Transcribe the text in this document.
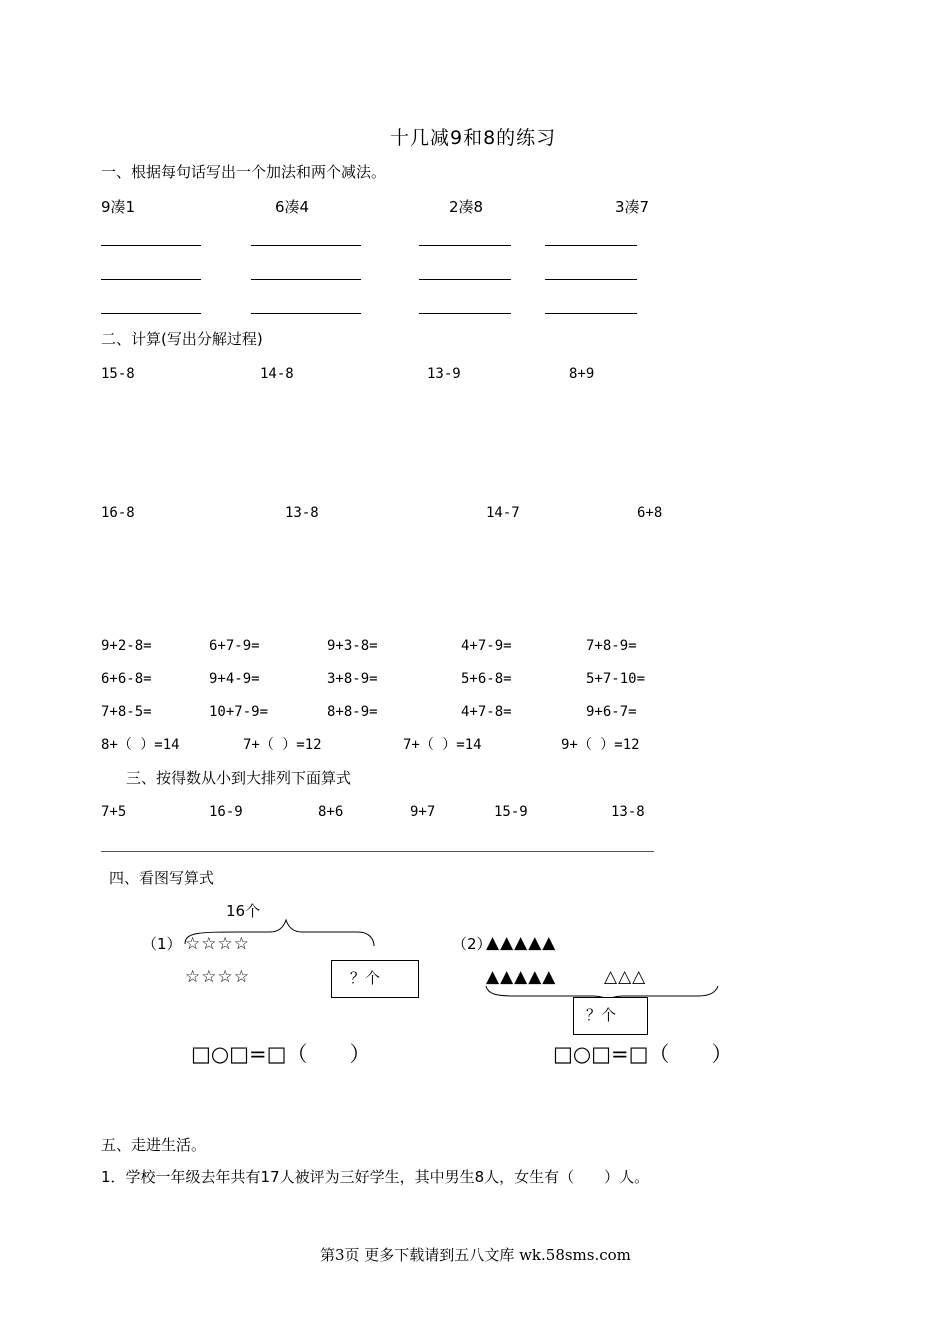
十几减9和8的练习
一、根据每句话写出一个加法和两个减法。
9凑1	6凑4	2凑8	3凑7
二、计算(写出分解过程)
15-8	14-8	13-9	8+9
16-8	13-8	14-7	6+8
9+2-8=	6+7-9=	9+3-8=	4+7-9=	7+8-9=
6+6-8=	9+4-9=	3+8-9=	5+6-8=	5+7-10=
7+8-5=	10+7-9=	8+8-9=	4+7-8=	9+6-7=
8+（ ）=14	7+（ ）=12	7+（ ）=14	9+（ ）=12
三、按得数从小到大排列下面算式
7+5	16-9	8+6	9+7	15-9	13-8
四、看图写算式
16个
（1） ☆☆☆☆
☆☆☆☆	？个
□○□=□（　　）
（2）
▲▲▲▲▲
▲▲▲▲▲	△△△
？个
□○□=□（　　）
五、走进生活。
1．学校一年级去年共有17人被评为三好学生，其中男生8人，女生有（　　）人。
第3页 更多下载请到五八文库 wk.58sms.com
